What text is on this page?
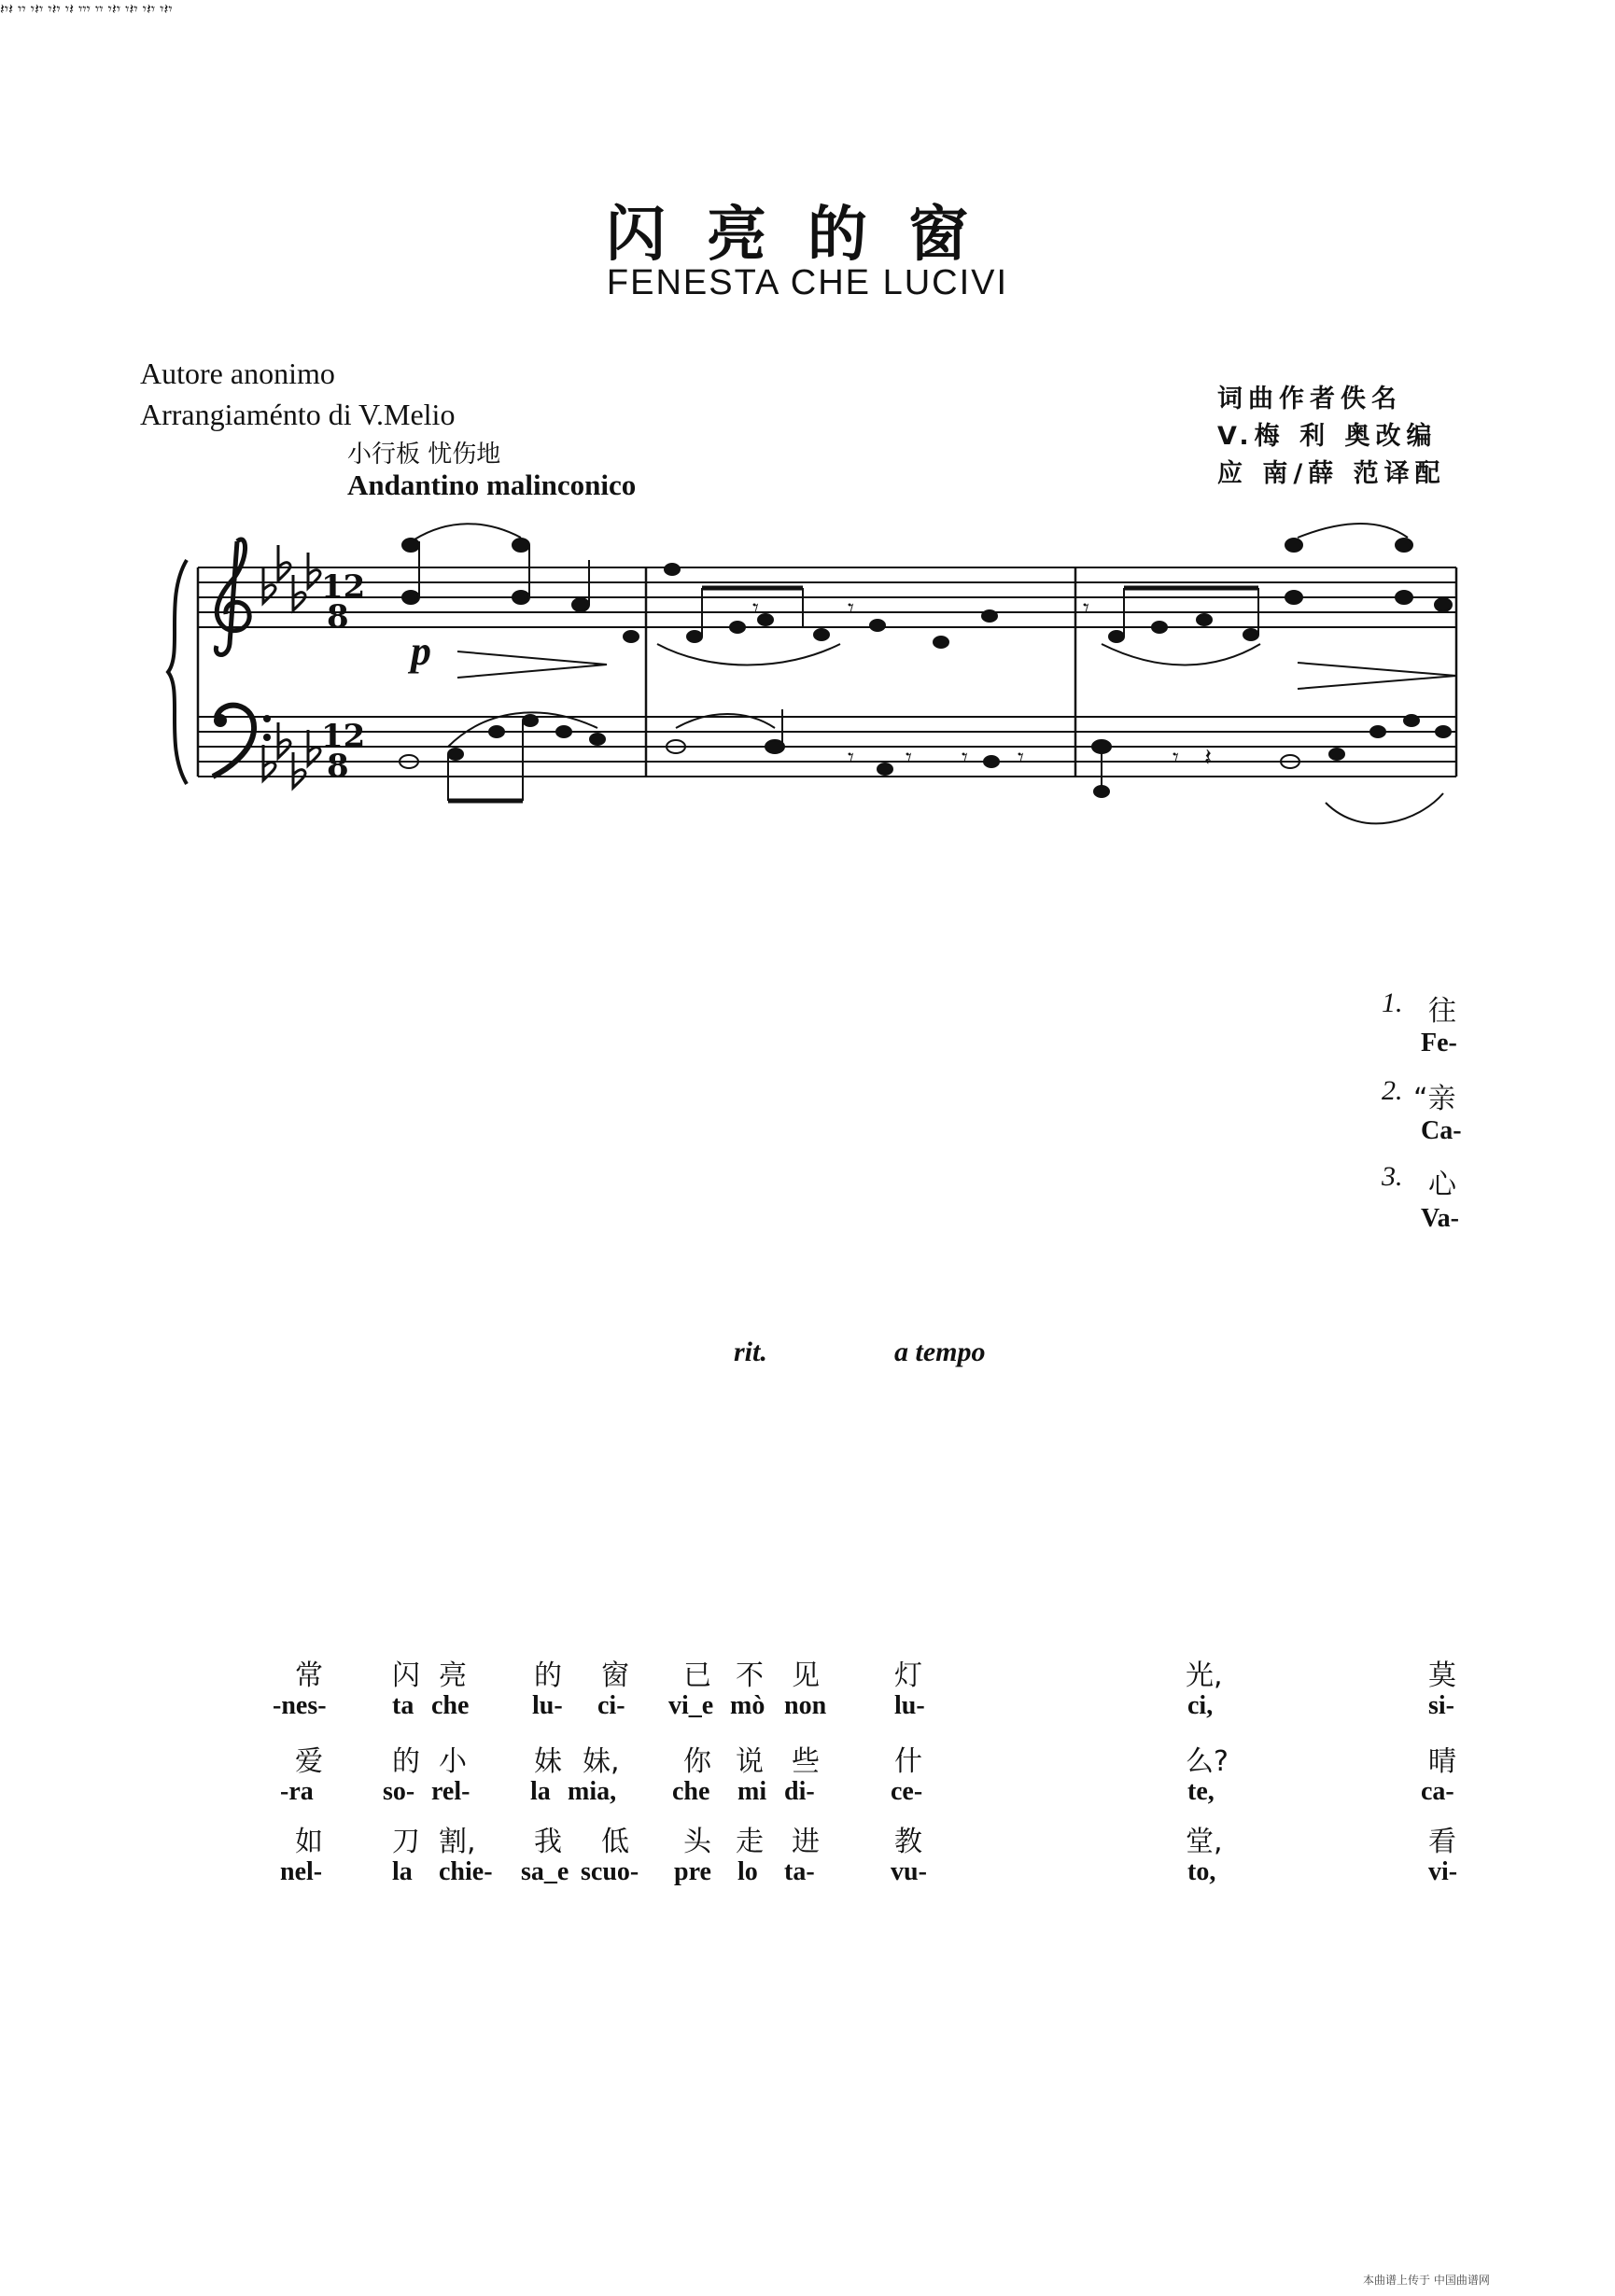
闪亮的窗
FENESTA CHE LUCIVI
Autore anonimo
Arrangiaménto di V.Melio	词曲作者佚名
V.梅 利 奥改编
应 南/薛 范译配
小行板 忧伤地
Andantino malinconico
12
8
12
8
𝄾	𝄾	𝄾
𝄾 𝄾 𝄾 𝄾	𝄾 𝄽
𝄽𝄾𝄽 𝄾𝄾 𝄾𝄽𝄾 𝄾𝄽𝄾 𝄾𝄽 𝄾𝄾𝄾 𝄾𝄾 𝄾𝄽𝄾 𝄾𝄽𝄾 𝄾𝄽𝄾 𝄾𝄽𝄾
p
rit.	a tempo
1. 往
Fe-
2. “亲
Ca-
3. 心
Va-
常 闪 亮 的 窗 已 不 见	灯	光,	莫
-nes-	ta che lu- ci- vi_e mò non	lu-	ci,	si-
爱 的 小 妹 妹, 你 说 些	什	么?	晴
-ra	so- rel- la mia, che mi di-	ce-	te,	ca-
如 刀 割, 我 低 头 走 进	教	堂,	看
nel-	la chie- sa_e scuo- pre lo ta-	vu-	to,	vi-
本曲谱上传于 中国曲谱网
